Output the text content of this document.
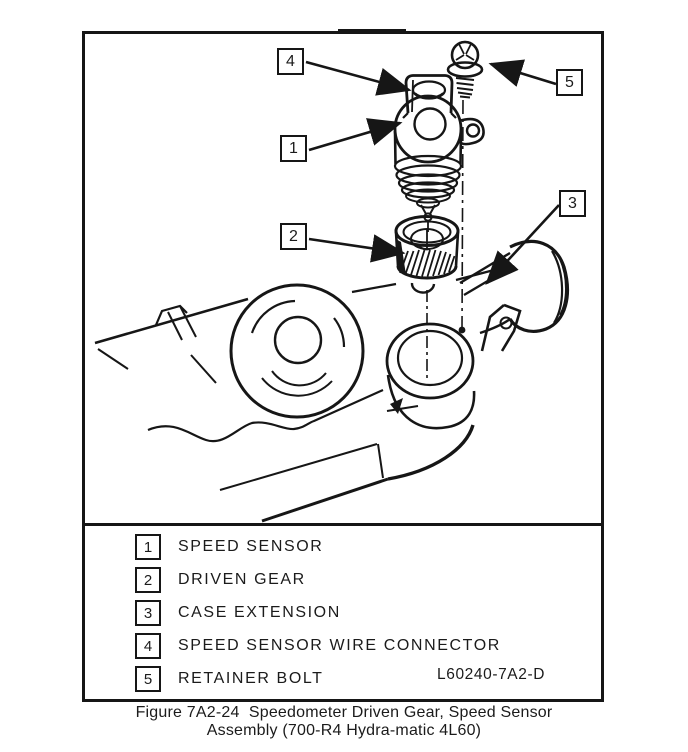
4
1
5
3
2
1	SPEED SENSOR
2	DRIVEN GEAR
3	CASE EXTENSION
4	SPEED SENSOR WIRE CONNECTOR
5	RETAINER BOLT	L60240-7A2-D
Figure 7A2-24  Speedometer Driven Gear, Speed Sensor
Assembly (700-R4 Hydra-matic 4L60)
